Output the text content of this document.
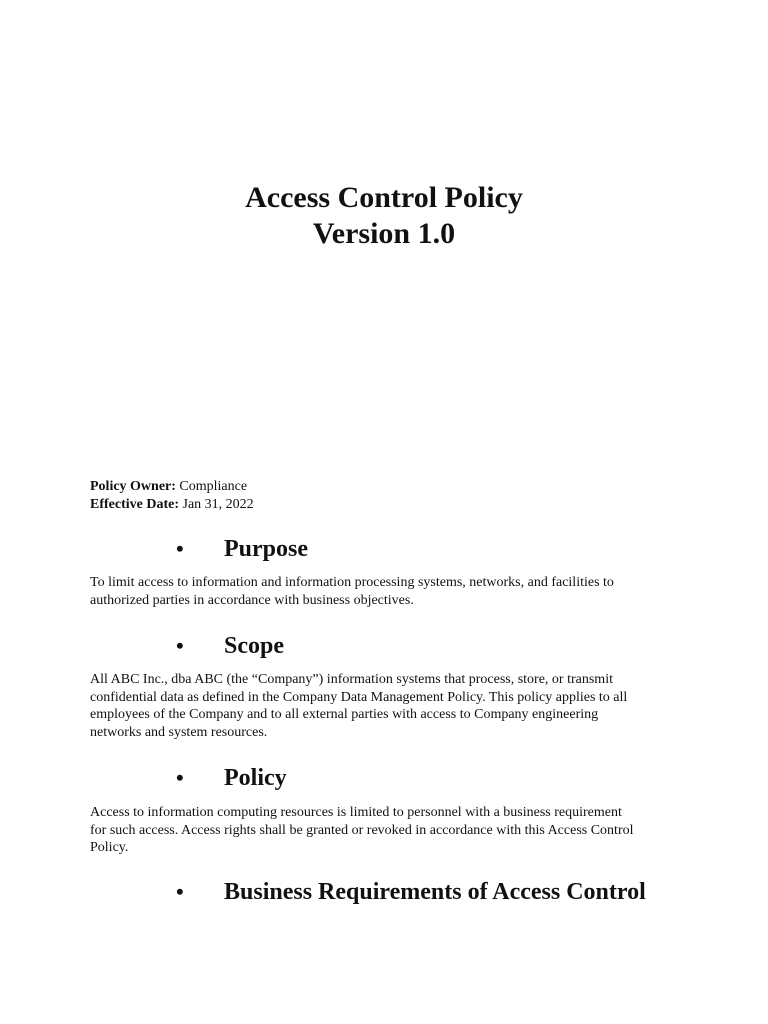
Access Control Policy
Version 1.0
Policy Owner: Compliance
Effective Date: Jan 31, 2022
• Purpose
To limit access to information and information processing systems, networks, and facilities to
authorized parties in accordance with business objectives.
• Scope
All ABC Inc., dba ABC (the “Company”) information systems that process, store, or transmit
confidential data as defined in the Company Data Management Policy. This policy applies to all
employees of the Company and to all external parties with access to Company engineering
networks and system resources.
• Policy
Access to information computing resources is limited to personnel with a business requirement
for such access. Access rights shall be granted or revoked in accordance with this Access Control
Policy.
• Business Requirements of Access Control
